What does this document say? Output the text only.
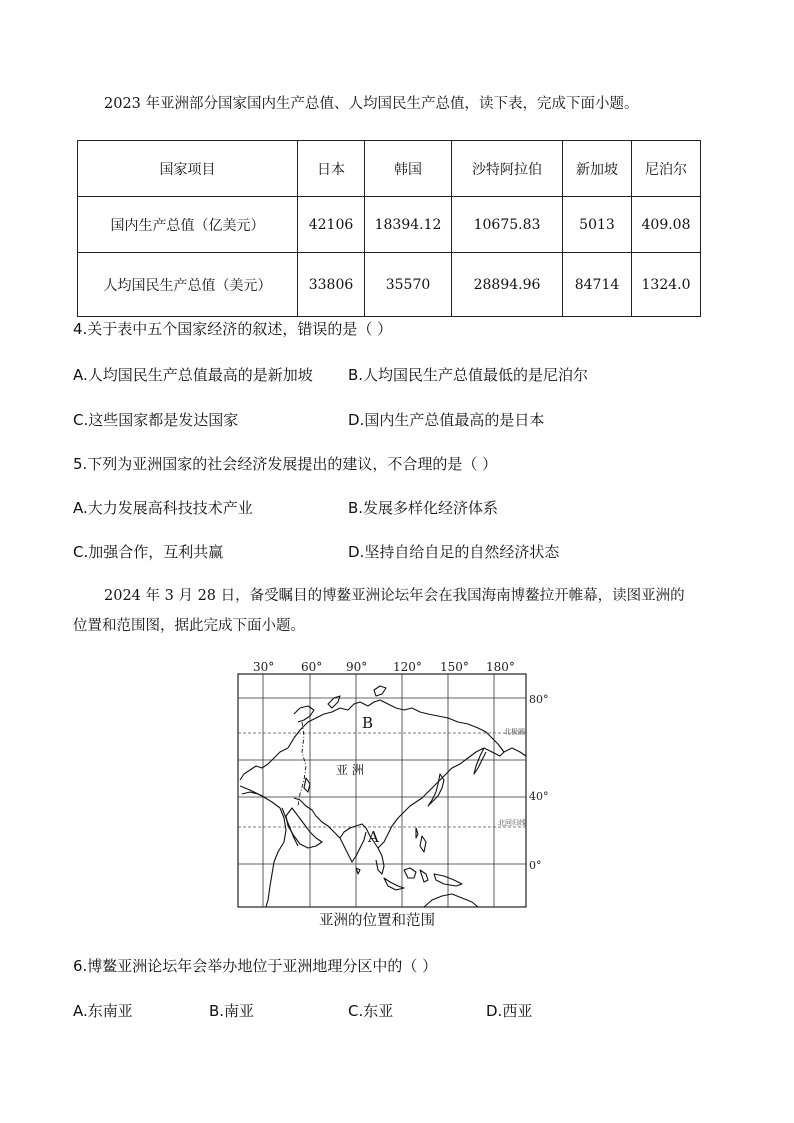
2023 年亚洲部分国家国内生产总值、人均国民生产总值，读下表，完成下面小题。
国家项目	日本	韩国	沙特阿拉伯	新加坡	尼泊尔
国内生产总值（亿美元）	42106	18394.12	10675.83	5013	409.08
人均国民生产总值（美元）	33806	35570	28894.96	84714	1324.0
4.关于表中五个国家经济的叙述，错误的是（ ）
A.人均国民生产总值最高的是新加坡 B.人均国民生产总值最低的是尼泊尔
C.这些国家都是发达国家	D.国内生产总值最高的是日本
5.下列为亚洲国家的社会经济发展提出的建议，不合理的是（ ）
A.大力发展高科技技术产业	B.发展多样化经济体系
C.加强合作，互利共赢	D.坚持自给自足的自然经济状态
2024 年 3 月 28 日，备受瞩目的博鳌亚洲论坛年会在我国海南博鳌拉开帷幕，读图亚洲的
位置和范围图，据此完成下面小题。
30° 60° 90° 120° 150° 180°
80°
40°
0°
北极圈
北回归线
B
A
亚 洲
亚洲的位置和范围
6.博鳌亚洲论坛年会举办地位于亚洲地理分区中的（ ）
A.东南亚	B.南亚	C.东亚	D.西亚
